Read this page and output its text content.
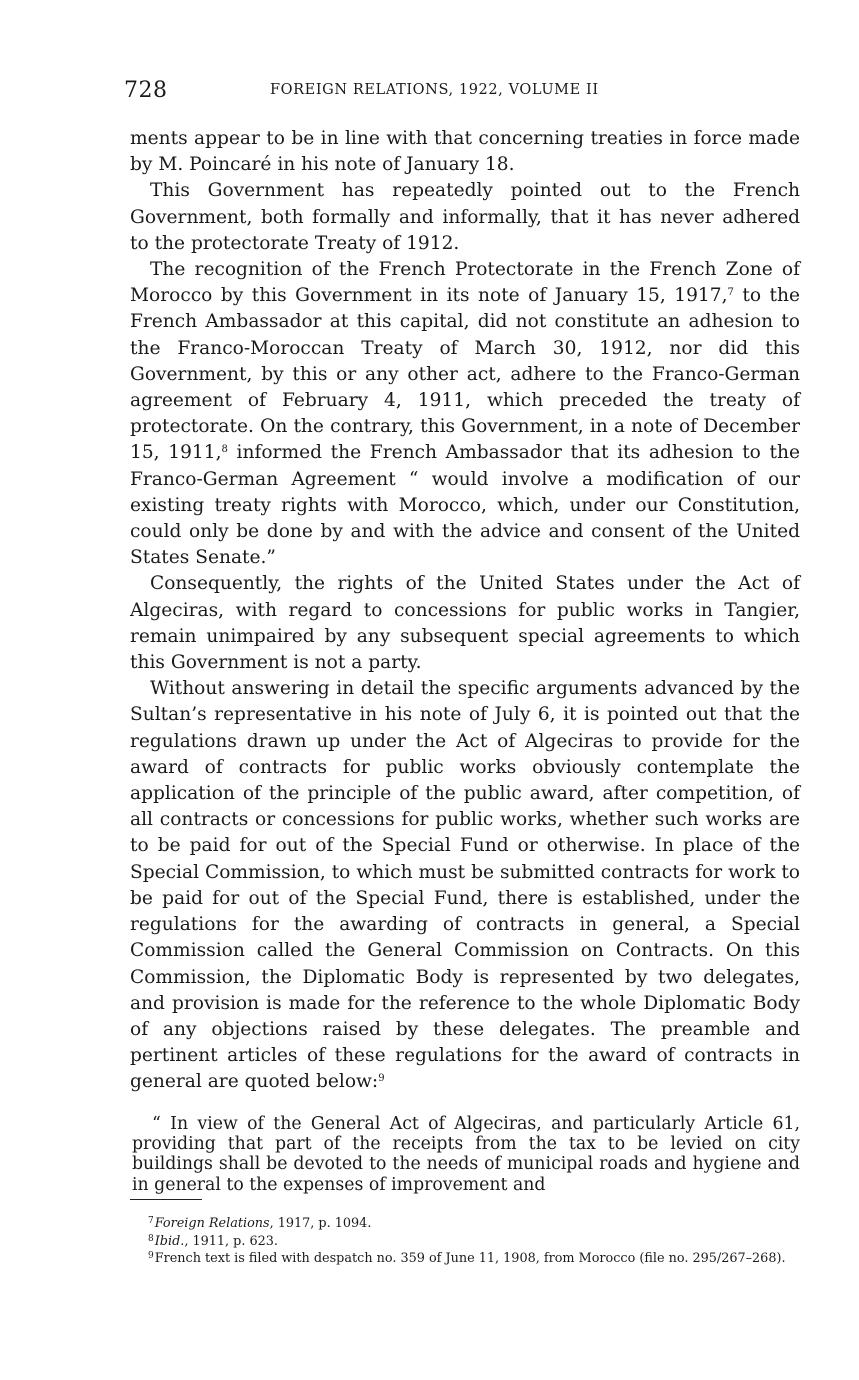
728	FOREIGN RELATIONS, 1922, VOLUME II

ments appear to be in line with that concerning treaties in force made by M. Poincaré in his note of January 18.

This Government has repeatedly pointed out to the French Government, both formally and informally, that it has never adhered to the protectorate Treaty of 1912.

The recognition of the French Protectorate in the French Zone of Morocco by this Government in its note of January 15, 1917,$^7$ to the French Ambassador at this capital, did not constitute an adhesion to the Franco-Moroccan Treaty of March 30, 1912, nor did this Government, by this or any other act, adhere to the Franco-German agreement of February 4, 1911, which preceded the treaty of protectorate. On the contrary, this Government, in a note of December 15, 1911,$^8$ informed the French Ambassador that its adhesion to the Franco-German Agreement “ would involve a modification of our existing treaty rights with Morocco, which, under our Constitution, could only be done by and with the advice and consent of the United States Senate.”

Consequently, the rights of the United States under the Act of Algeciras, with regard to concessions for public works in Tangier, remain unimpaired by any subsequent special agreements to which this Government is not a party.

Without answering in detail the specific arguments advanced by the Sultan’s representative in his note of July 6, it is pointed out that the regulations drawn up under the Act of Algeciras to provide for the award of contracts for public works obviously contemplate the application of the principle of the public award, after competition, of all contracts or concessions for public works, whether such works are to be paid for out of the Special Fund or otherwise. In place of the Special Commission, to which must be submitted contracts for work to be paid for out of the Special Fund, there is established, under the regulations for the awarding of contracts in general, a Special Commission called the General Commission on Contracts. On this Commission, the Diplomatic Body is represented by two delegates, and provision is made for the reference to the whole Diplomatic Body of any objections raised by these delegates. The preamble and pertinent articles of these regulations for the award of contracts in general are quoted below:$^9$

“ In view of the General Act of Algeciras, and particularly Article 61, providing that part of the receipts from the tax to be levied on city buildings shall be devoted to the needs of municipal roads and hygiene and in general to the expenses of improvement and
$^7$Foreign Relations, 1917, p. 1094.
$^8$Ibid., 1911, p. 623.
$^9$French text is filed with despatch no. 359 of June 11, 1908, from Morocco (file no. 295/267–268).
